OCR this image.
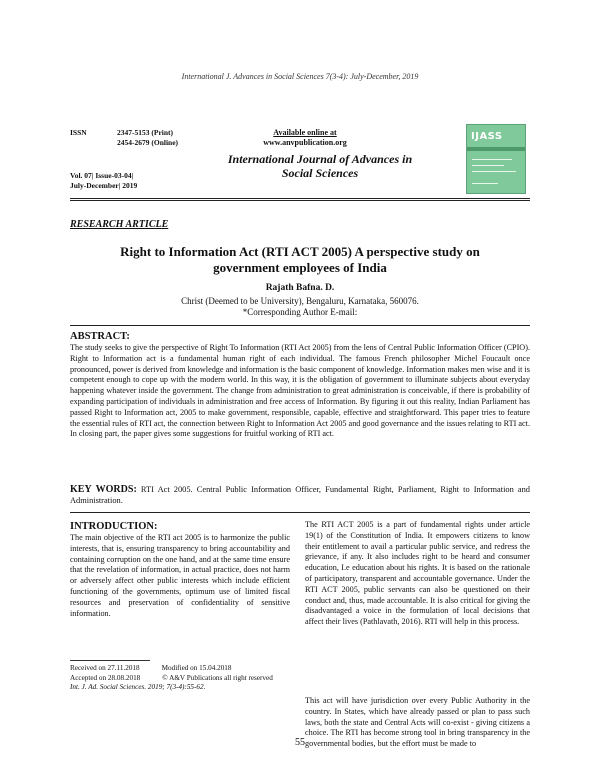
International J. Advances in Social Sciences 7(3-4): July-December, 2019
ISSN	2347-5153 (Print)
2454-2679 (Online)
Available online at
www.anvpublication.org
International Journal of Advances in
Social Sciences
Vol. 07| Issue-03-04|
July-December| 2019
IJASS
RESEARCH ARTICLE
Right to Information Act (RTI ACT 2005) A perspective study on
government employees of India
Rajath Bafna. D.
Christ (Deemed to be University), Bengaluru, Karnataka, 560076.
*Corresponding Author E-mail:
ABSTRACT:
The study seeks to give the perspective of Right To Information (RTI Act 2005) from the lens of Central Public Information Officer (CPIO). Right to Information act is a fundamental human right of each individual. The famous French philosopher Michel Foucault once pronounced, power is derived from knowledge and information is the basic component of knowledge. Information makes men wise and it is competent enough to cope up with the modern world. In this way, it is the obligation of government to illuminate subjects about everyday happening whatever inside the government. The change from administration to great administration is conceivable, if there is probability of expanding participation of individuals in administration and free access of Information. By figuring it out this reality, Indian Parliament has passed Right to Information act, 2005 to make government, responsible, capable, effective and straightforward. This paper tries to feature the essential rules of RTI act, the connection between Right to Information Act 2005 and good governance and the issues relating to RTI act. In closing part, the paper gives some suggestions for fruitful working of RTI act.
KEY WORDS: RTI Act 2005. Central Public Information Officer, Fundamental Right, Parliament, Right to Information and Administration.
INTRODUCTION:
The main objective of the RTI act 2005 is to harmonize the public interests, that is, ensuring transparency to bring accountability and containing corruption on the one hand, and at the same time ensure that the revelation of information, in actual practice, does not harm or adversely affect other public interests which include efficient functioning of the governments, optimum use of limited fiscal resources and preservation of confidentiality of sensitive information.
The RTI ACT 2005 is a part of fundamental rights under article 19(1) of the Constitution of India. It empowers citizens to know their entitlement to avail a particular public service, and redress the grievance, if any. It also includes right to be heard and consumer education, I.e education about his rights. It is based on the rationale of participatory, transparent and accountable governance. Under the RTI ACT 2005, public servants can also be questioned on their conduct and, thus, made accountable. It is also critical for giving the disadvantaged a voice in the formulation of local decisions that affect their lives (Pathlavath, 2016). RTI will help in this process.
This act will have jurisdiction over every Public Authority in the country. In States, which have already passed or plan to pass such laws, both the state and Central Acts will co-exist - giving citizens a choice. The RTI has become strong tool in bring transparency in the governmental bodies, but the effort must be made to
Received on 27.11.2018	Modified on 15.04.2018
Accepted on 28.08.2018	© A&V Publications all right reserved
Int. J. Ad. Social Sciences. 2019; 7(3-4):55-62.
55
